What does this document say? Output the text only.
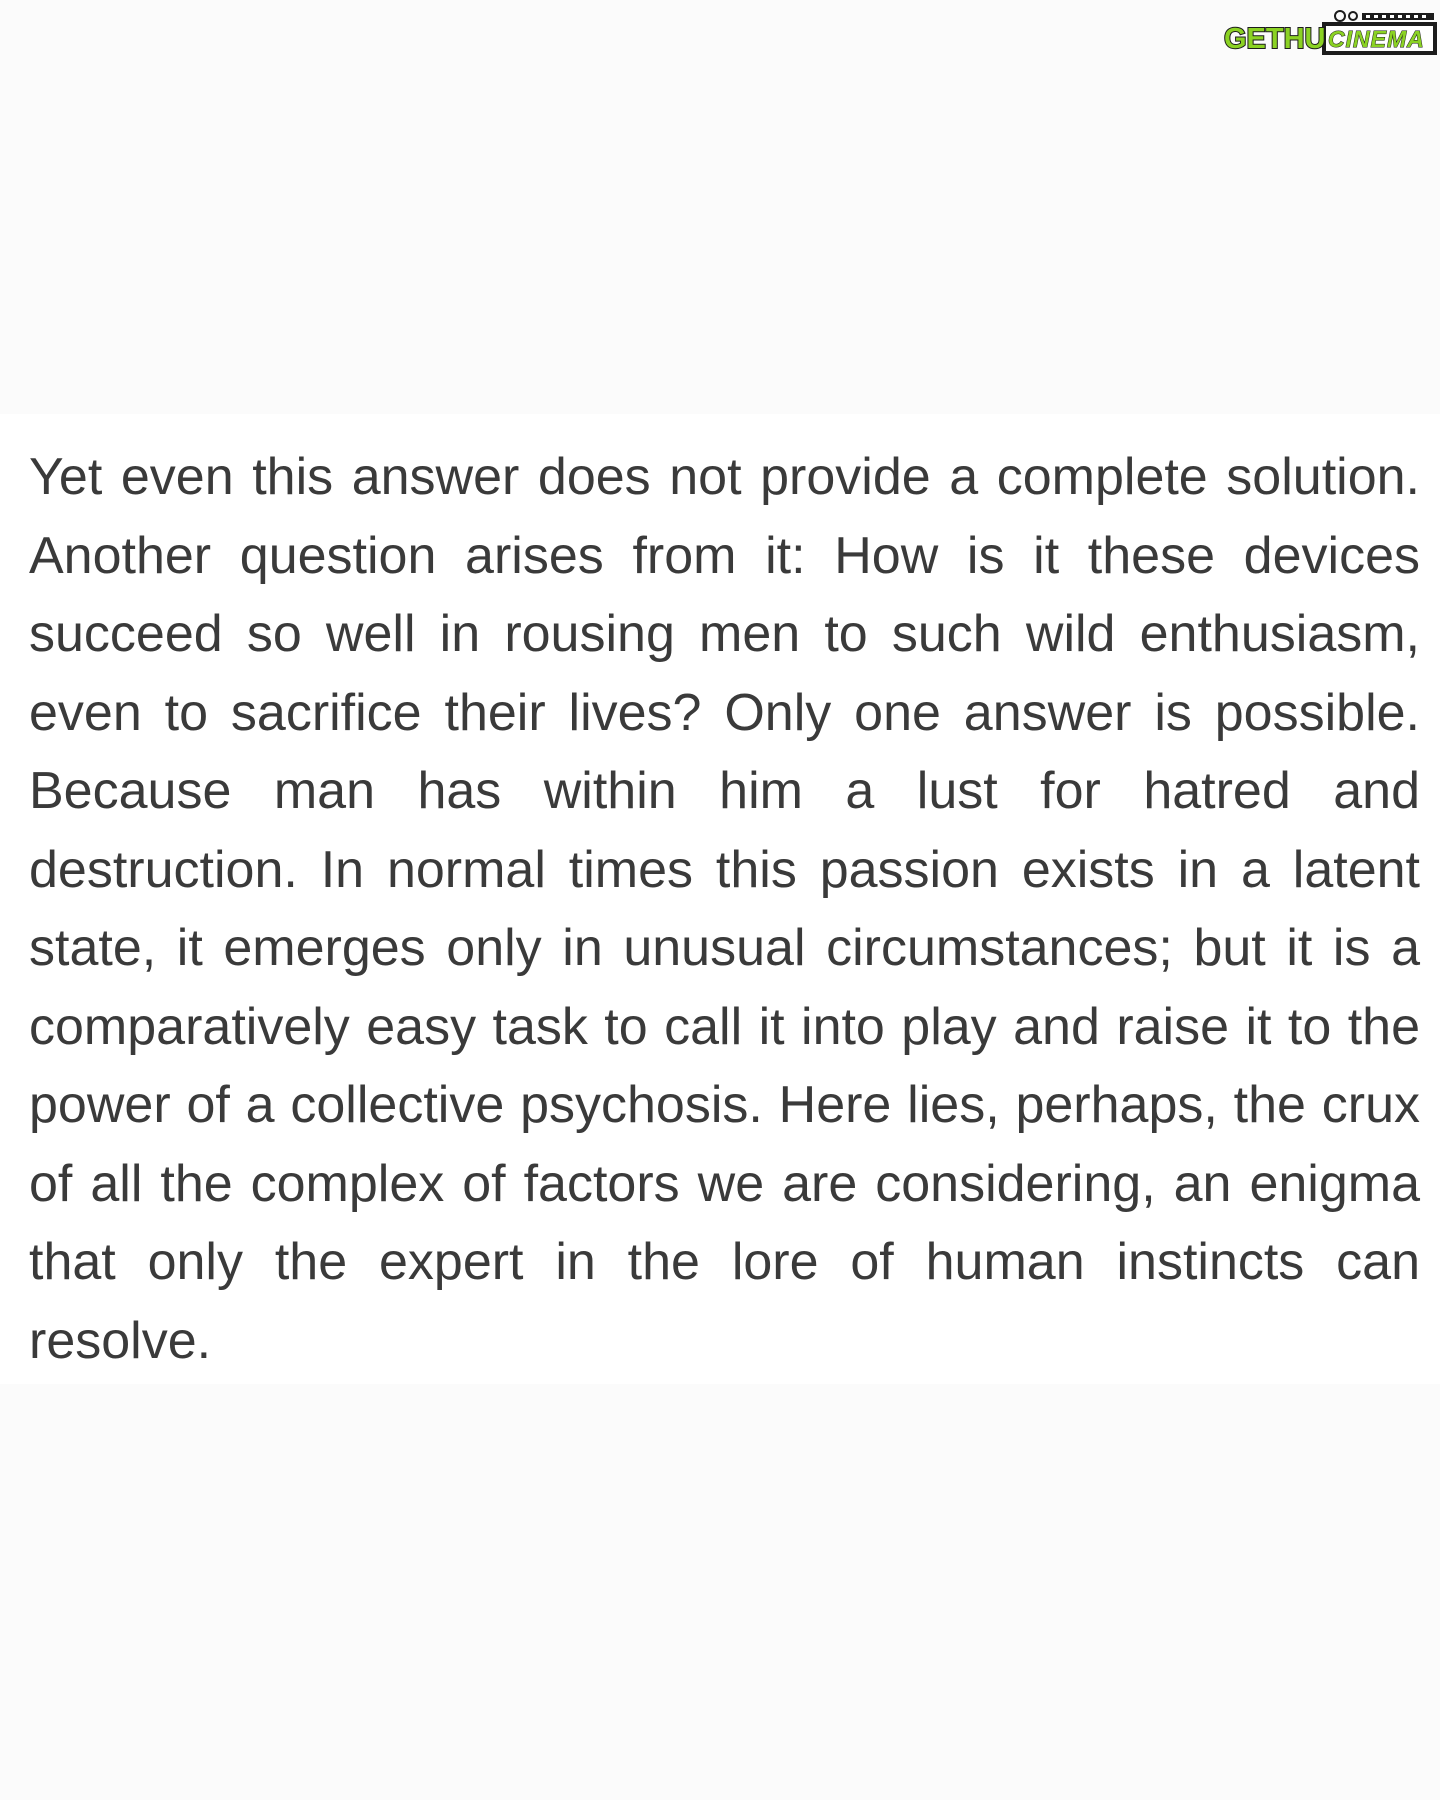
GETHU CINEMA

Yet even this answer does not provide a complete solution. Another question arises from it: How is it these devices succeed so well in rousing men to such wild enthusiasm, even to sacrifice their lives? Only one answer is possible. Because man has within him a lust for hatred and destruction. In normal times this passion exists in a latent state, it emerges only in unusual circumstances; but it is a comparatively easy task to call it into play and raise it to the power of a collective psychosis. Here lies, perhaps, the crux of all the complex of factors we are considering, an enigma that only the expert in the lore of human instincts can resolve.
